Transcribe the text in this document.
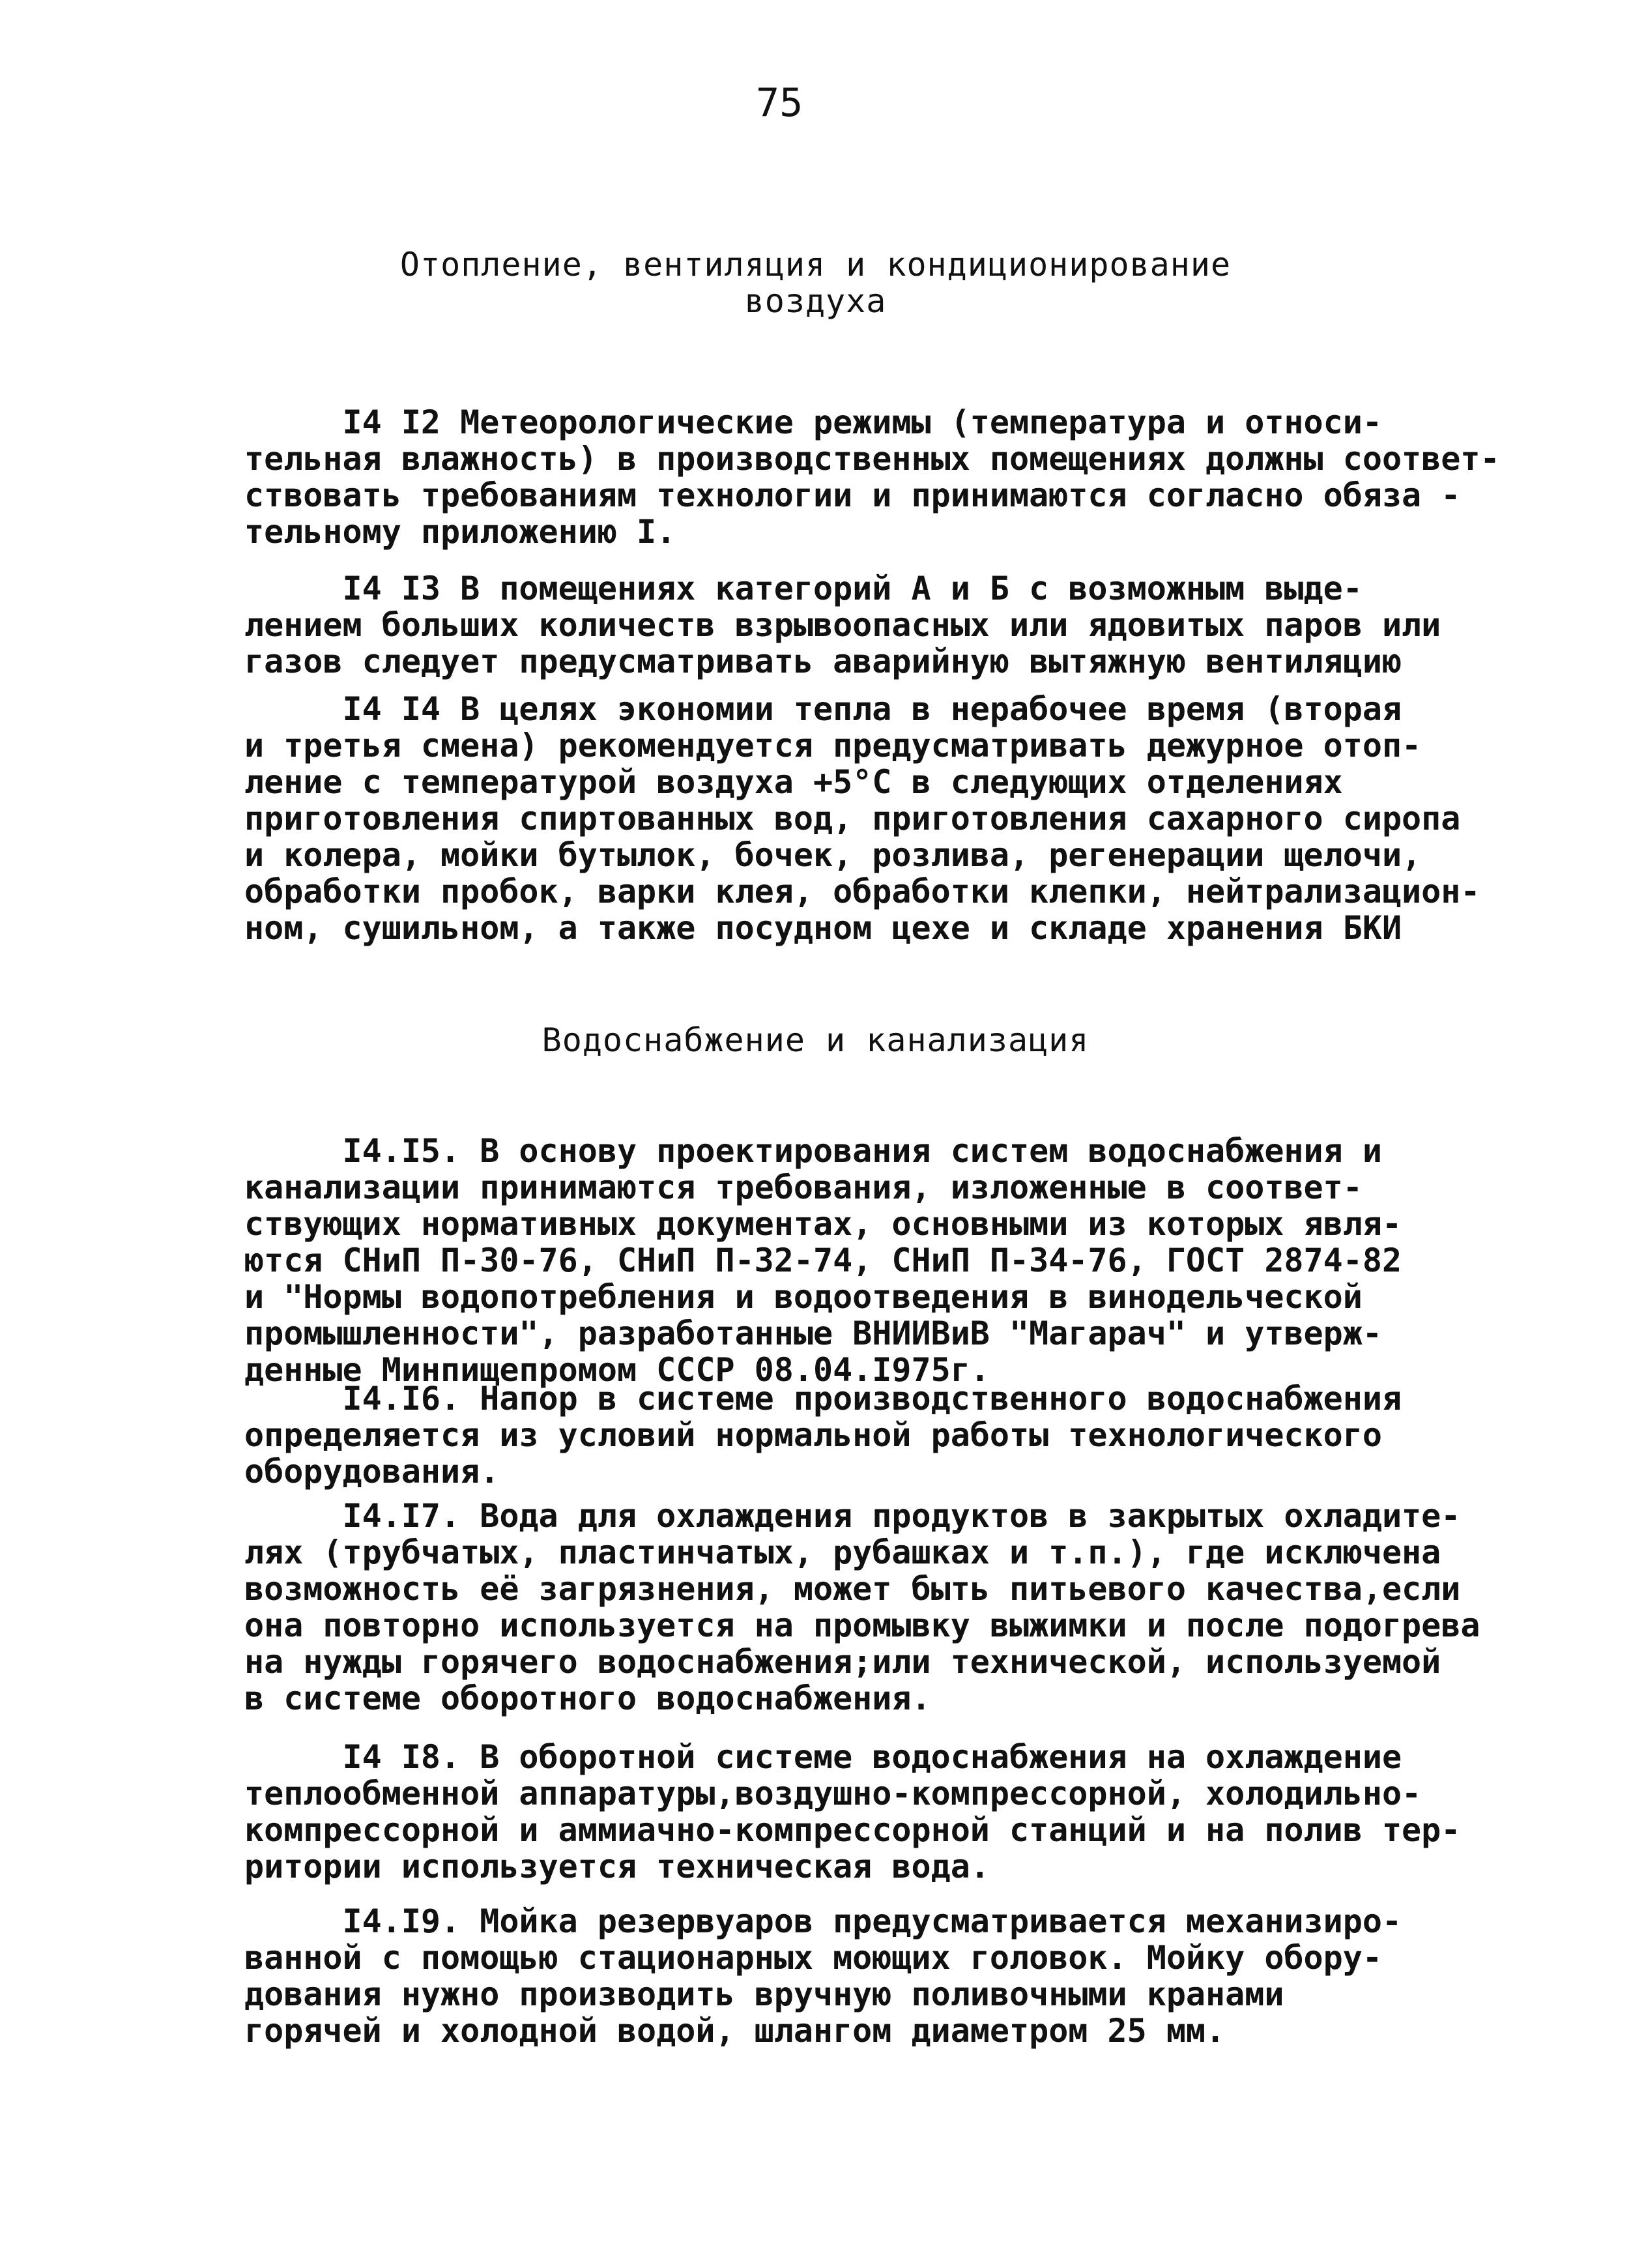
75
Отопление, вентиляция и кондиционирование
воздуха
I4 I2 Метеорологические режимы (температура и относи-
тельная влажность) в производственных помещениях должны соответ-
ствовать требованиям технологии и принимаются согласно обяза -
тельному приложению I.
I4 I3 В помещениях категорий А и Б с возможным выде-
лением больших количеств взрывоопасных или ядовитых паров или
газов следует предусматривать аварийную вытяжную вентиляцию
I4 I4 В целях экономии тепла в нерабочее время (вторая
и третья смена) рекомендуется предусматривать дежурное отоп-
ление с температурой воздуха +5°С в следующих отделениях
приготовления спиртованных вод, приготовления сахарного сиропа
и колера, мойки бутылок, бочек, розлива, регенерации щелочи,
обработки пробок, варки клея, обработки клепки, нейтрализацион-
ном, сушильном, а также посудном цехе и складе хранения БКИ
Водоснабжение и канализация
I4.I5. В основу проектирования систем водоснабжения и
канализации принимаются требования, изложенные в соответ-
ствующих нормативных документах, основными из которых явля-
ются СНиП П-30-76, СНиП П-32-74, СНиП П-34-76, ГОСТ 2874-82
и "Нормы водопотребления и водоотведения в винодельческой
промышленности", разработанные ВНИИВиВ "Магарач" и утверж-
денные Минпищепромом СССР 08.04.I975г.
I4.I6. Напор в системе производственного водоснабжения
определяется из условий нормальной работы технологического
оборудования.
I4.I7. Вода для охлаждения продуктов в закрытых охладите-
лях (трубчатых, пластинчатых, рубашках и т.п.), где исключена
возможность её загрязнения, может быть питьевого качества,если
она повторно используется на промывку выжимки и после подогрева
на нужды горячего водоснабжения;или технической, используемой
в системе оборотного водоснабжения.
I4 I8. В оборотной системе водоснабжения на охлаждение
теплообменной аппаратуры,воздушно-компрессорной, холодильно-
компрессорной и аммиачно-компрессорной станций и на полив тер-
ритории используется техническая вода.
I4.I9. Мойка резервуаров предусматривается механизиро-
ванной с помощью стационарных моющих головок. Мойку обору-
дования нужно производить вручную поливочными кранами
горячей и холодной водой, шлангом диаметром 25 мм.
